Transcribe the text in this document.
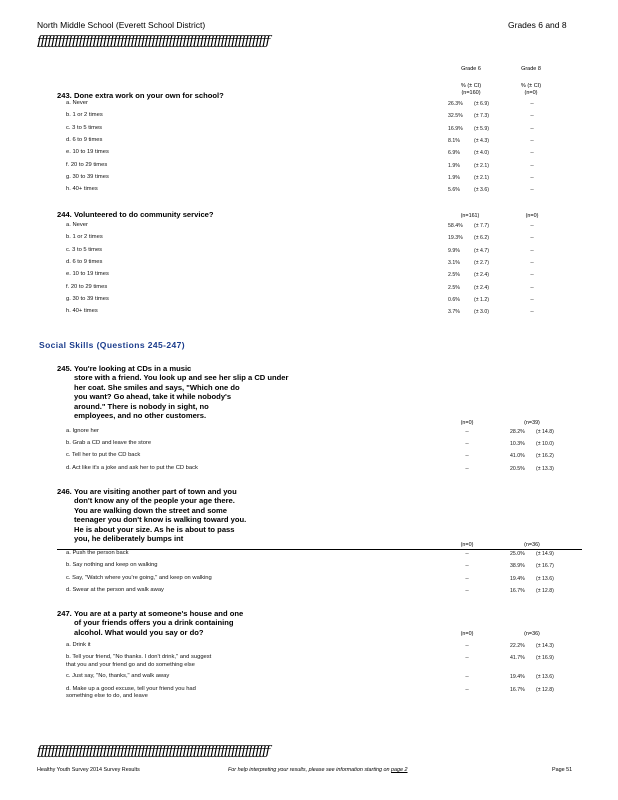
North Middle School (Everett School District)	Grades 6 and 8
ƒƒƒƒƒƒƒƒƒƒƒƒƒƒƒƒƒƒƒƒƒƒƒƒƒƒƒƒƒƒƒƒƒƒƒƒƒƒƒƒƒƒƒƒƒƒƒƒƒƒƒƒƒƒƒƒƒƒƒƒƒƒƒƒƒƒƒ
Grade 6	Grade 8
% (± CI)
(n=160)
% (± CI)
(n=0)
243. Done extra work on your own for school?
a. Never	26.3% (± 6.9)	--
b. 1 or 2 times	32.5% (± 7.3)	--
c. 3 to 5 times	16.9% (± 5.9)	--
d. 6 to 9 times	8.1%	(± 4.3)	--
e. 10 to 19 times	6.9%	(± 4.0)	--
f. 20 to 29 times	1.9%	(± 2.1)	--
g. 30 to 39 times	1.9%	(± 2.1)	--
h. 40+ times	5.6%	(± 3.6)	--
244. Volunteered to do community service?	(n=161)	(n=0)
a. Never	58.4% (± 7.7)	--
b. 1 or 2 times	19.3% (± 6.2)	--
c. 3 to 5 times	9.9%	(± 4.7)	--
d. 6 to 9 times	3.1%	(± 2.7)	--
e. 10 to 19 times	2.5%	(± 2.4)	--
f. 20 to 29 times	2.5%	(± 2.4)	--
g. 30 to 39 times	0.6%	(± 1.2)	--
h. 40+ times	3.7%	(± 3.0)	--
Social Skills (Questions 245-247)
245. You're looking at CDs in a music
store with a friend. You look up and see her slip a CD under
her coat. She smiles and says, "Which one do
you want? Go ahead, take it while nobody's
around." There is nobody in sight, no
employees, and no other customers.
(n=0)	(n=39)
a. Ignore her	--	28.2% (± 14.8)
b. Grab a CD and leave the store	--	10.3% (± 10.0)
c. Tell her to put the CD back	--	41.0% (± 16.2)
d. Act like it's a joke and ask her to put the CD back	--	20.5% (± 13.3)
246. You are visiting another part of town and you
don't know any of the people your age there.
You are walking down the street and some
teenager you don't know is walking toward you.
He is about your size. As he is about to pass
you, he deliberately bumps int
(n=0)	(n=36)
a. Push the person back	--	25.0% (± 14.9)
b. Say nothing and keep on walking	--	38.9% (± 16.7)
c. Say, "Watch where you're going," and keep on walking	--	19.4% (± 13.6)
d. Swear at the person and walk away	--	16.7% (± 12.8)
247. You are at a party at someone's house and one
of your friends offers you a drink containing
alcohol. What would you say or do?	(n=0)	(n=36)
a. Drink it	--	22.2% (± 14.3)
b. Tell your friend, "No thanks. I don't drink," and suggest
that you and your friend go and do something else
--	41.7% (± 16.9)
c. Just say, "No, thanks," and walk away	--	19.4% (± 13.6)
d. Make up a good excuse, tell your friend you had
something else to do, and leave
--	16.7% (± 12.8)
ƒƒƒƒƒƒƒƒƒƒƒƒƒƒƒƒƒƒƒƒƒƒƒƒƒƒƒƒƒƒƒƒƒƒƒƒƒƒƒƒƒƒƒƒƒƒƒƒƒƒƒƒƒƒƒƒƒƒƒƒƒƒƒƒƒƒƒ
Healthy Youth Survey 2014 Survey Results	For help interpreting your results, please see information starting on page 2	Page 51
